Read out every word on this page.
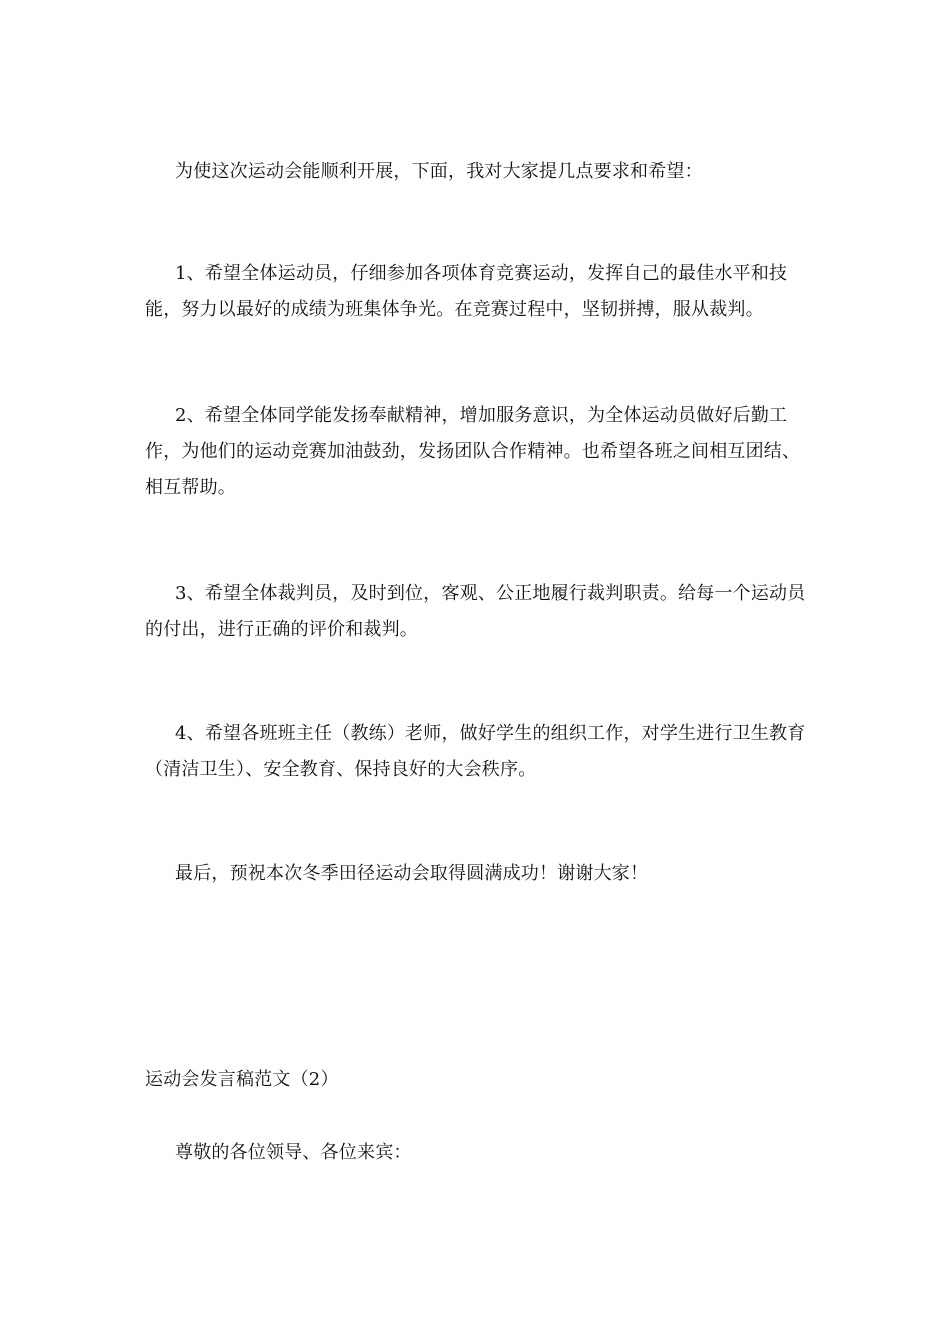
为使这次运动会能顺利开展，下面，我对大家提几点要求和希望：

1、希望全体运动员，仔细参加各项体育竞赛运动，发挥自己的最佳水平和技能，努力以最好的成绩为班集体争光。在竞赛过程中，坚韧拼搏，服从裁判。

2、希望全体同学能发扬奉献精神，增加服务意识，为全体运动员做好后勤工作，为他们的运动竞赛加油鼓劲，发扬团队合作精神。也希望各班之间相互团结、相互帮助。

3、希望全体裁判员，及时到位，客观、公正地履行裁判职责。给每一个运动员的付出，进行正确的评价和裁判。

4、希望各班班主任（教练）老师，做好学生的组织工作，对学生进行卫生教育（清洁卫生）、安全教育、保持良好的大会秩序。

最后，预祝本次冬季田径运动会取得圆满成功！谢谢大家！

运动会发言稿范文（2）

尊敬的各位领导、各位来宾：
